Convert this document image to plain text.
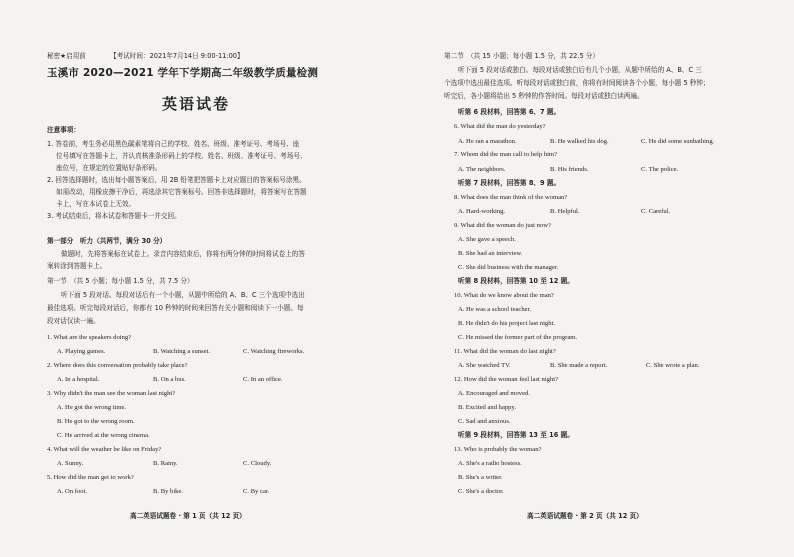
秘密★启用前	【考试时间：2021年7月14日 9:00-11:00】
玉溪市 2020—2021 学年下学期高二年级教学质量检测
英语试卷
注意事项：
1. 答卷前，考生务必用黑色碳素笔将自己的学校、姓名、班级、准考证号、考场号、座
位号填写在答题卡上，并认真核准条形码上的学校、姓名、班级、准考证号、考场号、
座位号，在规定的位置贴好条形码。
2. 回答选择题时，选出每小题答案后，用 2B 铅笔把答题卡上对应题目的答案标号涂黑。
如需改动，用橡皮擦干净后，再选涂其它答案标号。回答非选择题时，将答案写在答题
卡上，写在本试卷上无效。
3. 考试结束后，将本试卷和答题卡一并交回。
第一部分　听力（共两节，满分 30 分）
做题时，先将答案标在试卷上。录音内容结束后，你将有两分钟的时间将试卷上的答
案转涂到答题卡上。
第一节　（共 5 小题；每小题 1.5 分，共 7.5 分）
听下面 5 段对话。每段对话后有一个小题，从题中所给的 A、B、C 三个选项中选出
最佳选项。听完每段对话后，你都有 10 秒钟的时间来回答有关小题和阅读下一小题。每
段对话仅读一遍。
1. What are the speakers doing?
A. Playing games.	B. Watching a sunset.	C. Watching fireworks.
2. Where does this conversation probably take place?
A. In a hospital.	B. On a bus.	C. In an office.
3. Why didn't the man see the woman last night?
A. He got the wrong time.
B. He got to the wrong room.
C. He arrived at the wrong cinema.
4. What will the weather be like on Friday?
A. Sunny.	B. Rainy.	C. Cloudy.
5. How did the man get to work?
A. On foot.	B. By bike.	C. By car.
高二英语试题卷 · 第 1 页（共 12 页）
第二节　（共 15 小题；每小题 1.5 分，共 22.5 分）
听下面 5 段对话或独白。每段对话或独白后有几个小题，从题中所给的 A、B、C 三
个选项中选出最佳选项。听每段对话或独白前，你将有时间阅读各个小题，每小题 5 秒钟；
听完后，各小题将给出 5 秒钟的作答时间。每段对话或独白读两遍。
听第 6 段材料，回答第 6、7 题。
6. What did the man do yesterday?
A. He ran a marathon.	B. He walked his dog.	C. He did some sunbathing.
7. Whom did the man call to help him?
A. The neighbors.	B. His friends.	C. The police.
听第 7 段材料，回答第 8、9 题。
8. What does the man think of the woman?
A. Hard-working.	B. Helpful.	C. Careful.
9. What did the woman do just now?
A. She gave a speech.
B. She had an interview.
C. She did business with the manager.
听第 8 段材料，回答第 10 至 12 题。
10. What do we know about the man?
A. He was a school teacher.
B. He didn't do his project last night.
C. He missed the former part of the program.
11. What did the woman do last night?
A. She watched TV.	B. She made a report.	C. She wrote a plan.
12. How did the woman feel last night?
A. Encouraged and moved.
B. Excited and happy.
C. Sad and anxious.
听第 9 段材料，回答第 13 至 16 题。
13. Who is probably the woman?
A. She's a radio hostess.
B. She's a writer.
C. She's a doctor.
高二英语试题卷 · 第 2 页（共 12 页）
